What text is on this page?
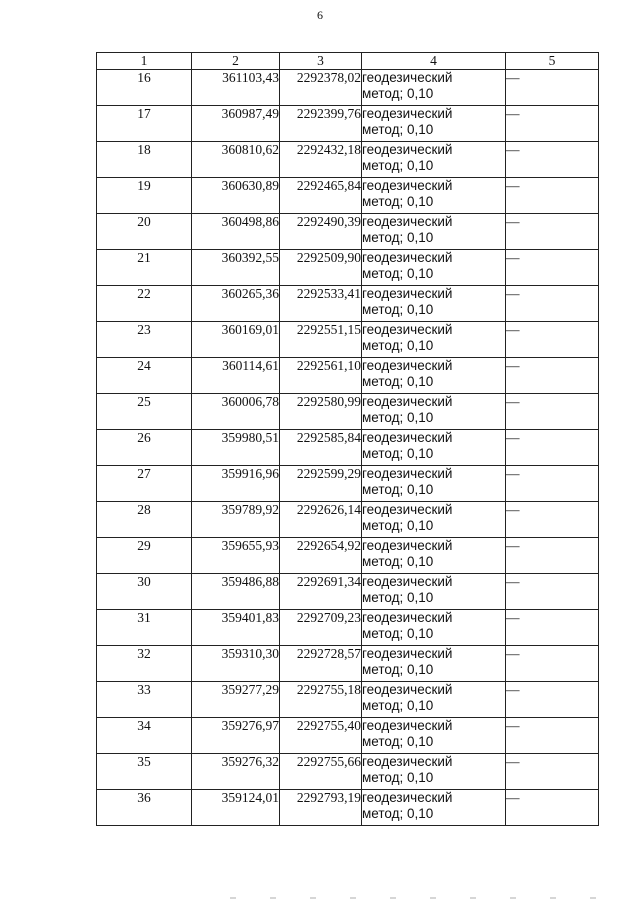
6
1	2	3	4	5
16	361103,43	2292378,02	геодезический
метод; 0,10	—
17	360987,49	2292399,76	геодезический
метод; 0,10	—
18	360810,62	2292432,18	геодезический
метод; 0,10	—
19	360630,89	2292465,84	геодезический
метод; 0,10	—
20	360498,86	2292490,39	геодезический
метод; 0,10	—
21	360392,55	2292509,90	геодезический
метод; 0,10	—
22	360265,36	2292533,41	геодезический
метод; 0,10	—
23	360169,01	2292551,15	геодезический
метод; 0,10	—
24	360114,61	2292561,10	геодезический
метод; 0,10	—
25	360006,78	2292580,99	геодезический
метод; 0,10	—
26	359980,51	2292585,84	геодезический
метод; 0,10	—
27	359916,96	2292599,29	геодезический
метод; 0,10	—
28	359789,92	2292626,14	геодезический
метод; 0,10	—
29	359655,93	2292654,92	геодезический
метод; 0,10	—
30	359486,88	2292691,34	геодезический
метод; 0,10	—
31	359401,83	2292709,23	геодезический
метод; 0,10	—
32	359310,30	2292728,57	геодезический
метод; 0,10	—
33	359277,29	2292755,18	геодезический
метод; 0,10	—
34	359276,97	2292755,40	геодезический
метод; 0,10	—
35	359276,32	2292755,66	геодезический
метод; 0,10	—
36	359124,01	2292793,19	геодезический
метод; 0,10	—
